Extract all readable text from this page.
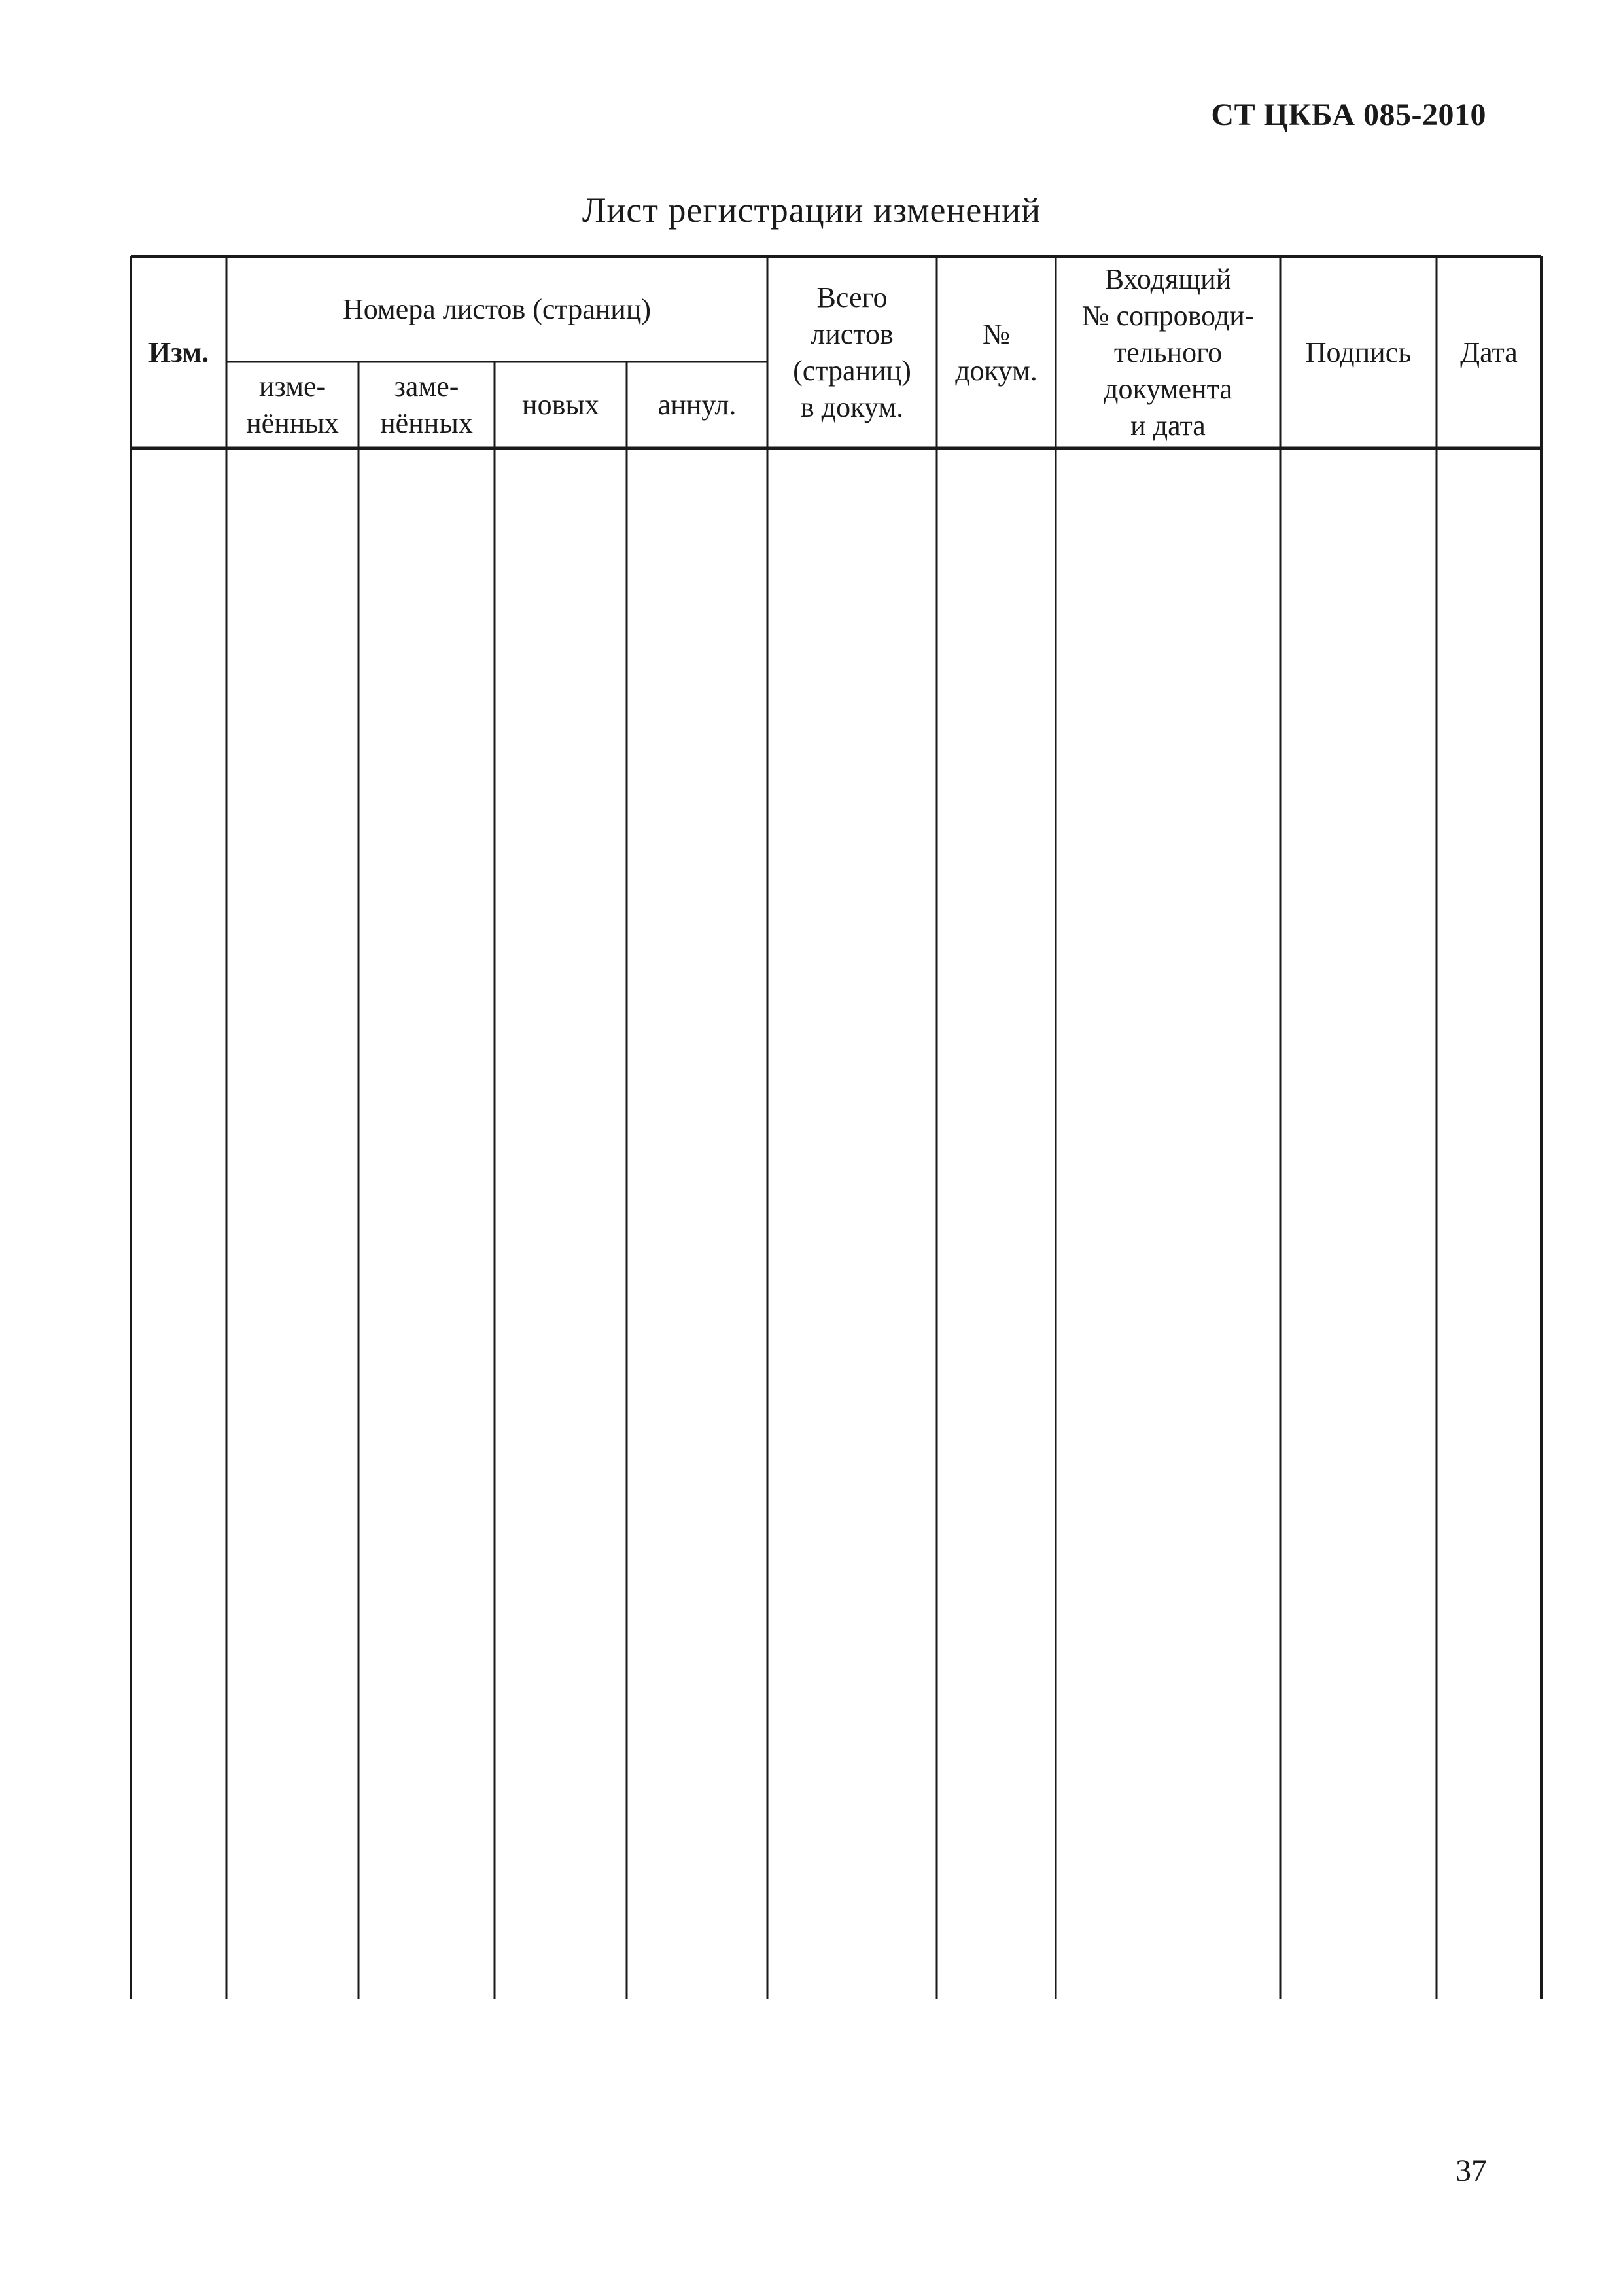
СТ ЦКБА 085-2010
Лист регистрации изменений
Изм.
Номера листов (страниц)
изме-
нённых
заме-
нённых
новых	аннул.
Всего
листов
(страниц)
в докум.
№
докум.
Входящий
№ сопроводи-
тельного
документа
и дата
Подпись	Дата
37
